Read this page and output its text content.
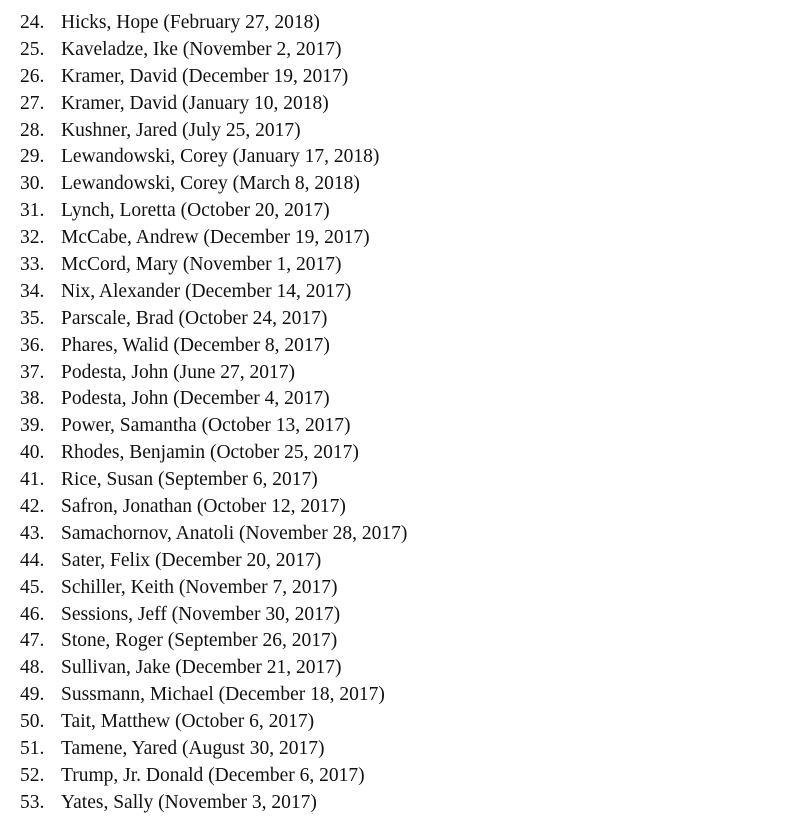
24. Hicks, Hope (February 27, 2018)
25. Kaveladze, Ike (November 2, 2017)
26. Kramer, David (December 19, 2017)
27. Kramer, David (January 10, 2018)
28. Kushner, Jared (July 25, 2017)
29. Lewandowski, Corey (January 17, 2018)
30. Lewandowski, Corey (March 8, 2018)
31. Lynch, Loretta (October 20, 2017)
32. McCabe, Andrew (December 19, 2017)
33. McCord, Mary (November 1, 2017)
34. Nix, Alexander (December 14, 2017)
35. Parscale, Brad (October 24, 2017)
36. Phares, Walid (December 8, 2017)
37. Podesta, John (June 27, 2017)
38. Podesta, John (December 4, 2017)
39. Power, Samantha (October 13, 2017)
40. Rhodes, Benjamin (October 25, 2017)
41. Rice, Susan (September 6, 2017)
42. Safron, Jonathan (October 12, 2017)
43. Samachornov, Anatoli (November 28, 2017)
44. Sater, Felix (December 20, 2017)
45. Schiller, Keith (November 7, 2017)
46. Sessions, Jeff (November 30, 2017)
47. Stone, Roger (September 26, 2017)
48. Sullivan, Jake (December 21, 2017)
49. Sussmann, Michael (December 18, 2017)
50. Tait, Matthew (October 6, 2017)
51. Tamene, Yared (August 30, 2017)
52. Trump, Jr. Donald (December 6, 2017)
53. Yates, Sally (November 3, 2017)
